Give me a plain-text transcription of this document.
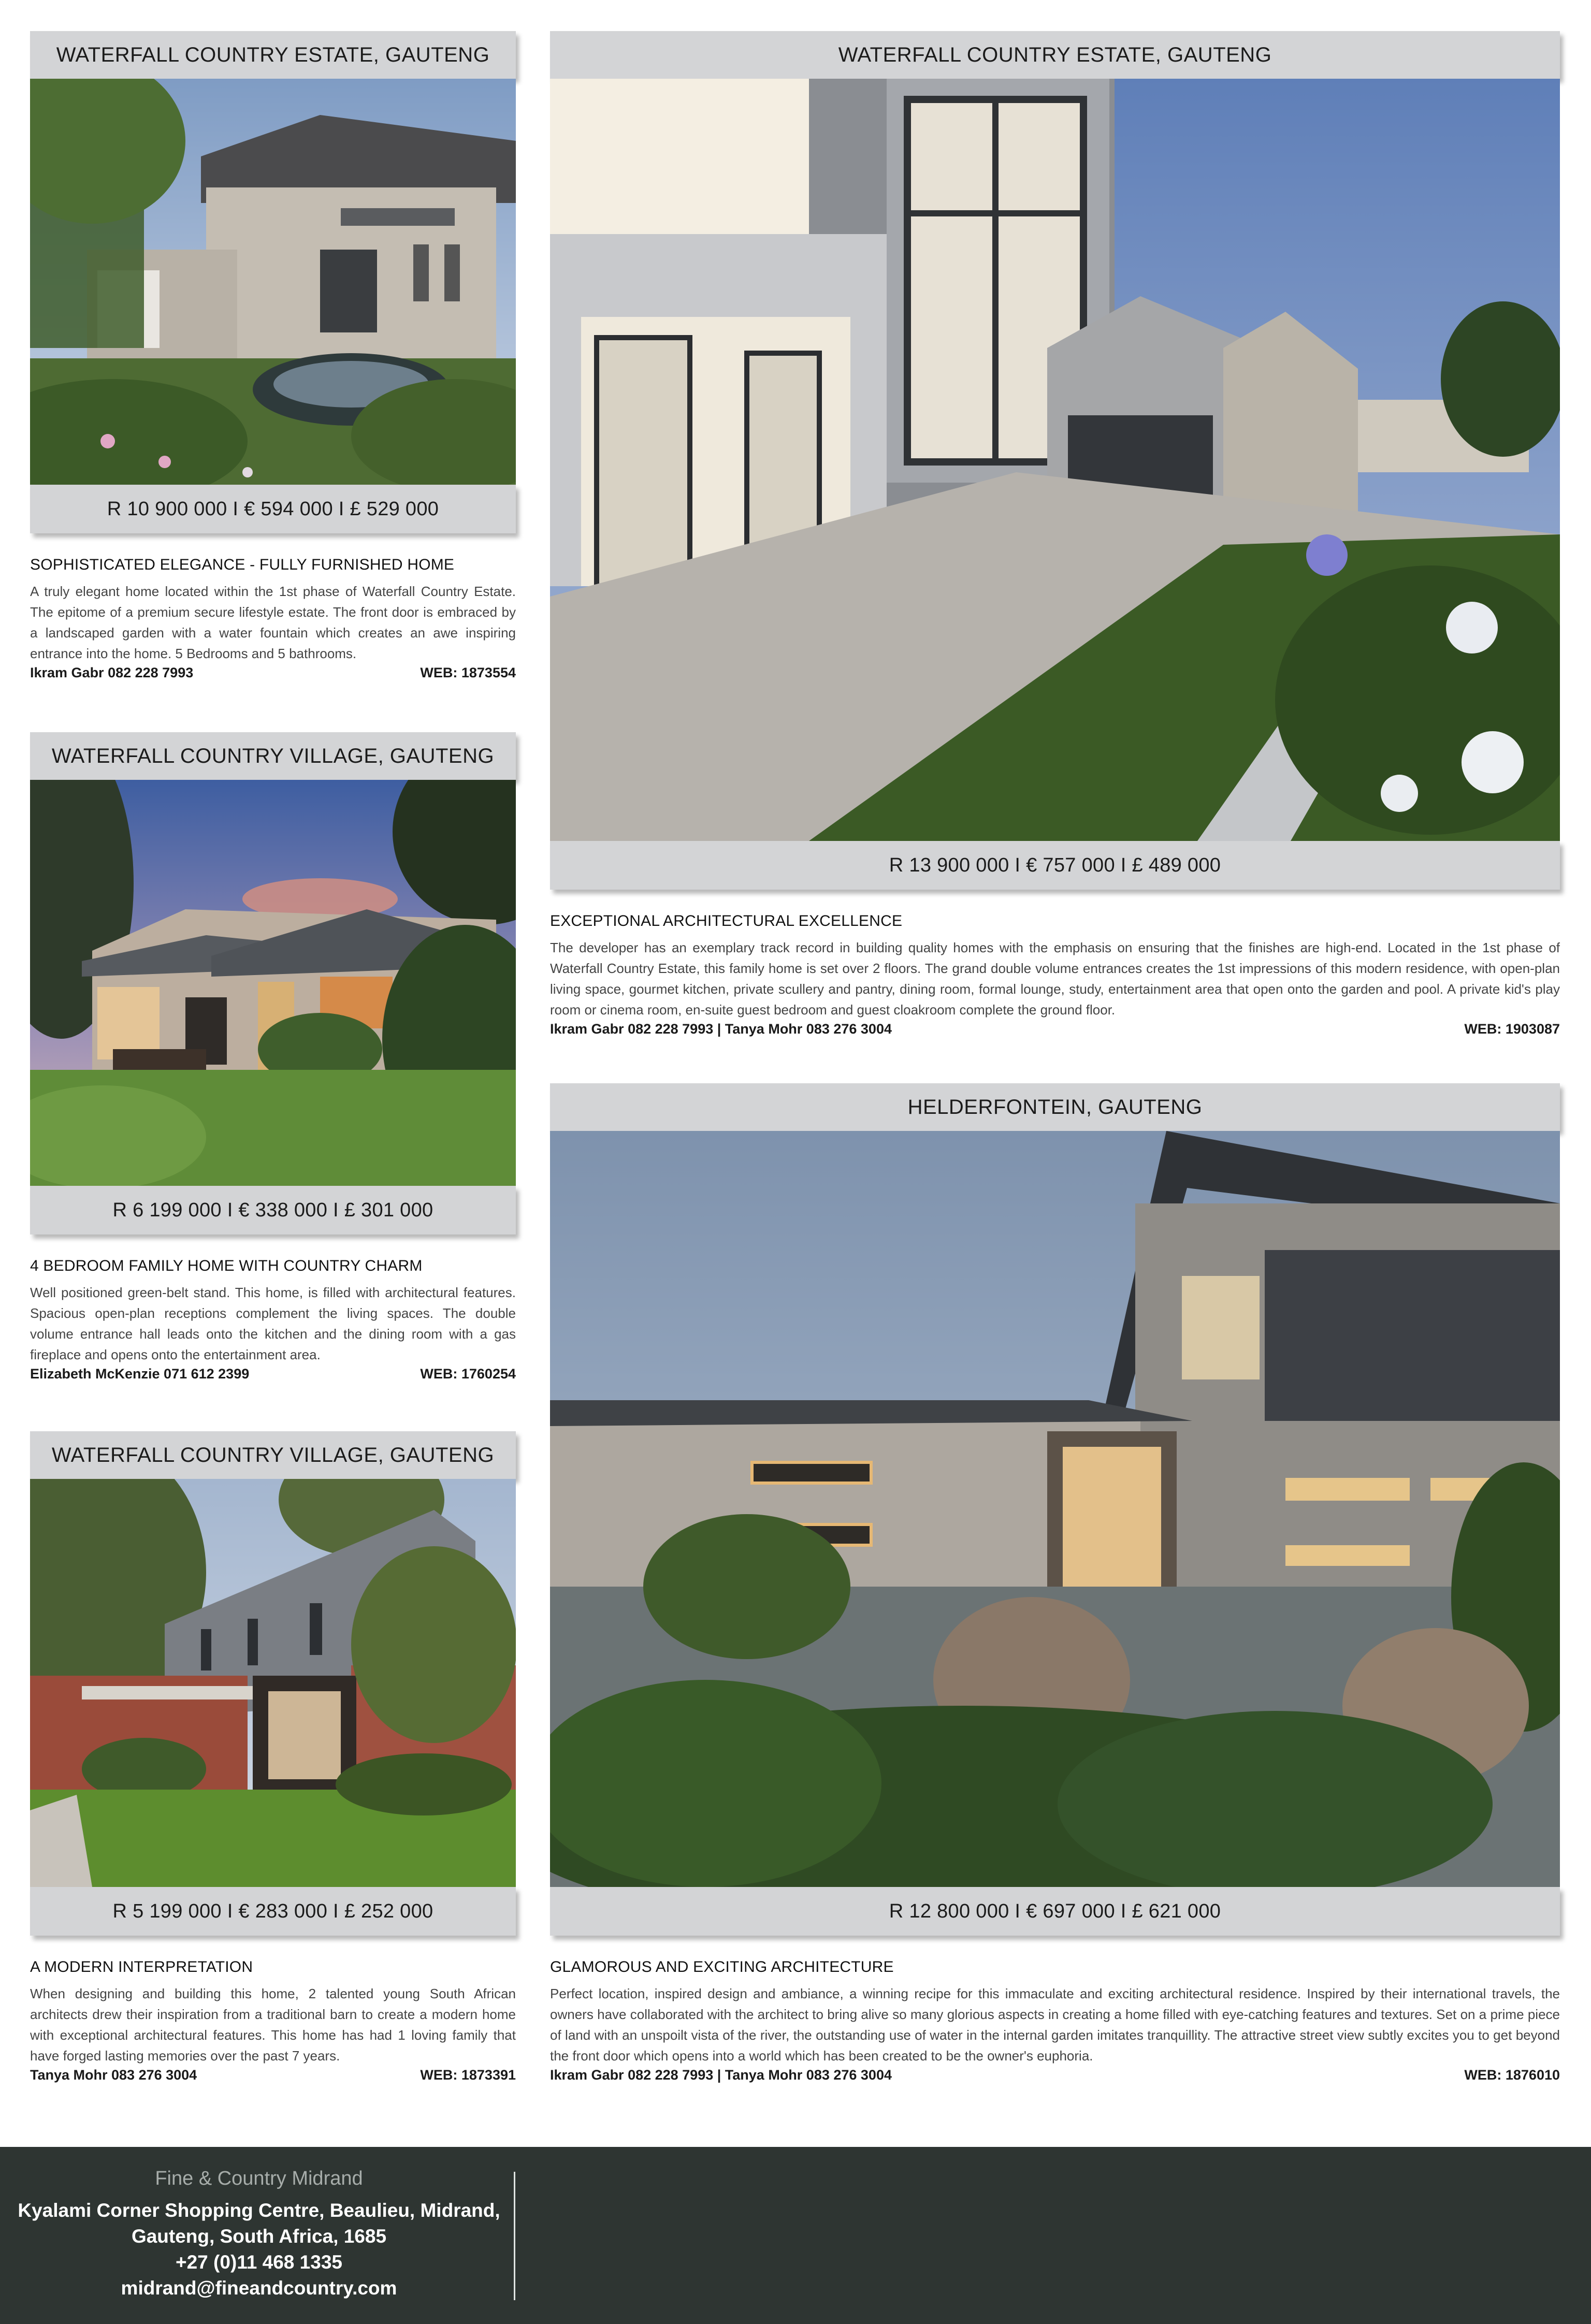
WATERFALL COUNTRY ESTATE, GAUTENG
R 10 900 000 I € 594 000 I £ 529 000
SOPHISTICATED ELEGANCE - FULLY FURNISHED HOME

A truly elegant home located within the 1st phase of Waterfall Country Estate. The epitome of a premium secure lifestyle estate. The front door is embraced by a landscaped garden with a water fountain which creates an awe inspiring entrance into the home. 5 Bedrooms and 5 bathrooms.

Ikram Gabr 082 228 7993	WEB: 1873554
WATERFALL COUNTRY ESTATE, GAUTENG
R 13 900 000 I € 757 000 I £ 489 000
EXCEPTIONAL ARCHITECTURAL EXCELLENCE

The developer has an exemplary track record in building quality homes with the emphasis on ensuring that the finishes are high-end. Located in the 1st phase of Waterfall Country Estate, this family home is set over 2 floors. The grand double volume entrances creates the 1st impressions of this modern residence, with open-plan living space, gourmet kitchen, private scullery and pantry, dining room, formal lounge, study, entertainment area that open onto the garden and pool. A private kid's play room or cinema room, en-suite guest bedroom and guest cloakroom complete the ground floor.

Ikram Gabr 082 228 7993 | Tanya Mohr 083 276 3004	WEB: 1903087
WATERFALL COUNTRY VILLAGE, GAUTENG
R 6 199 000 I € 338 000 I £ 301 000
4 BEDROOM FAMILY HOME WITH COUNTRY CHARM

Well positioned green-belt stand. This home, is filled with architectural features. Spacious open-plan receptions complement the living spaces. The double volume entrance hall leads onto the kitchen and the dining room with a gas fireplace and opens onto the entertainment area.

Elizabeth McKenzie 071 612 2399	WEB: 1760254
HELDERFONTEIN, GAUTENG
R 12 800 000 I € 697 000 I £ 621 000
GLAMOROUS AND EXCITING ARCHITECTURE

Perfect location, inspired design and ambiance, a winning recipe for this immaculate and exciting architectural residence. Inspired by their international travels, the owners have collaborated with the architect to bring alive so many glorious aspects in creating a home filled with eye-catching features and textures. Set on a prime piece of land with an unspoilt vista of the river, the outstanding use of water in the internal garden imitates tranquillity. The attractive street view subtly excites you to get beyond the front door which opens into a world which has been created to be the owner's euphoria.

Ikram Gabr 082 228 7993 | Tanya Mohr 083 276 3004	WEB: 1876010
WATERFALL COUNTRY VILLAGE, GAUTENG
R 5 199 000 I € 283 000 I £ 252 000
A MODERN INTERPRETATION

When designing and building this home, 2 talented young South African architects drew their inspiration from a traditional barn to create a modern home with exceptional architectural features. This home has had 1 loving family that have forged lasting memories over the past 7 years.

Tanya Mohr 083 276 3004	WEB: 1873391
Fine & Country Midrand
Kyalami Corner Shopping Centre, Beaulieu, Midrand,
Gauteng, South Africa, 1685
+27 (0)11 468 1335
midrand@fineandcountry.com
